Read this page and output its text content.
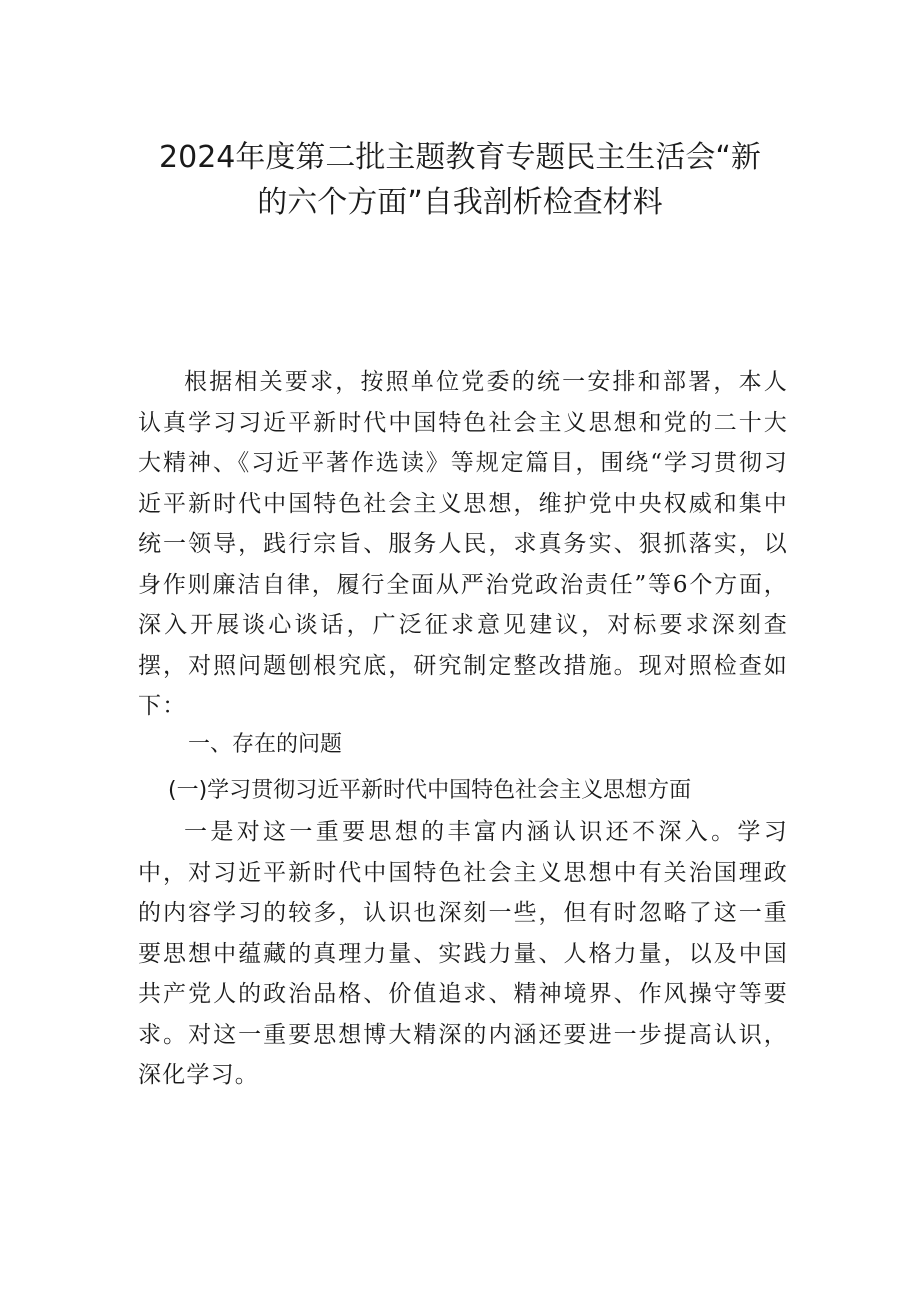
2024年度第二批主题教育专题民主生活会“新
的六个方面”自我剖析检查材料

根据相关要求，按照单位党委的统一安排和部署，本人认真学习习近平新时代中国特色社会主义思想和党的二十大大精神、《习近平著作选读》等规定篇目，围绕“学习贯彻习近平新时代中国特色社会主义思想，维护党中央权威和集中统一领导，践行宗旨、服务人民，求真务实、狠抓落实，以身作则廉洁自律，履行全面从严治党政治责任”等6个方面，深入开展谈心谈话，广泛征求意见建议，对标要求深刻查摆，对照问题刨根究底，研究制定整改措施。现对照检查如下：

一、存在的问题
(一)学习贯彻习近平新时代中国特色社会主义思想方面

一是对这一重要思想的丰富内涵认识还不深入。学习中，对习近平新时代中国特色社会主义思想中有关治国理政的内容学习的较多，认识也深刻一些，但有时忽略了这一重要思想中蕴藏的真理力量、实践力量、人格力量，以及中国共产党人的政治品格、价值追求、精神境界、作风操守等要求。对这一重要思想博大精深的内涵还要进一步提高认识，深化学习。
